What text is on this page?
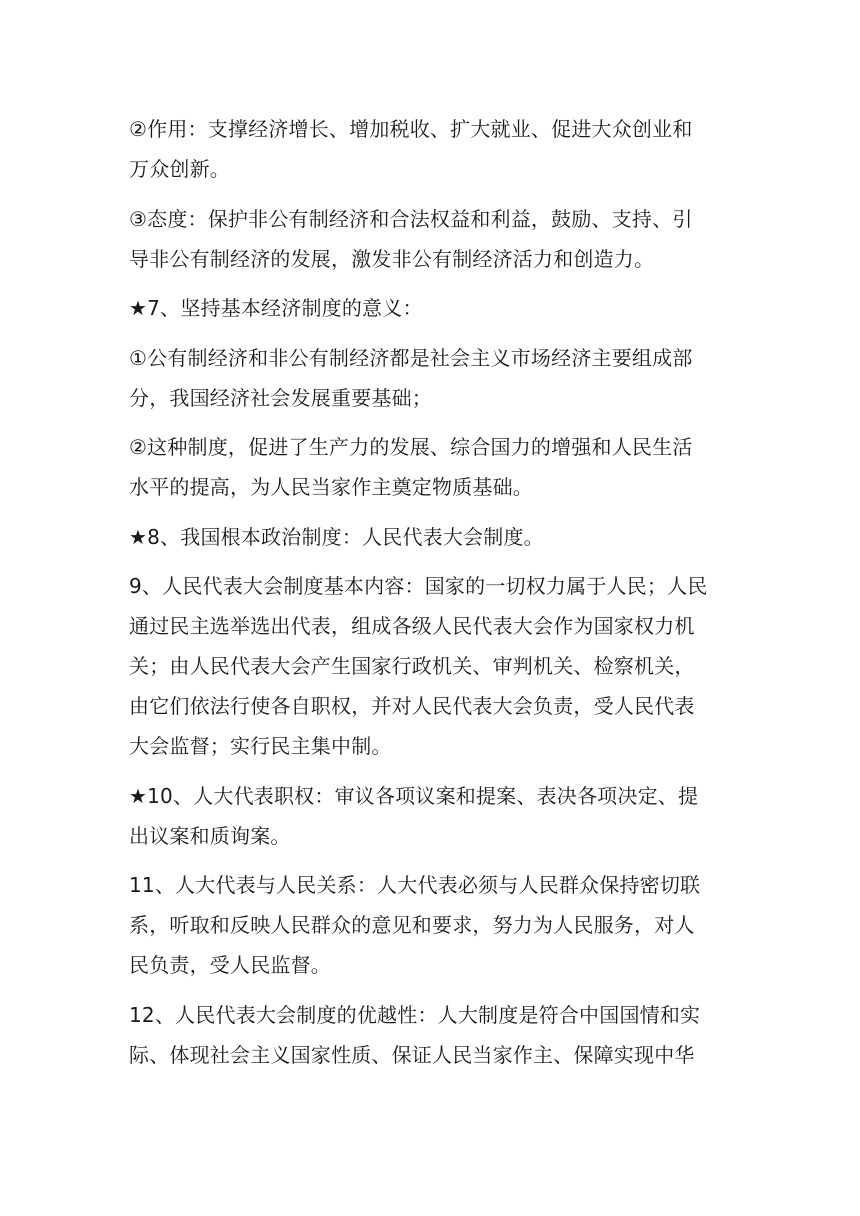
②作用：支撑经济增长、增加税收、扩大就业、促进大众创业和
万众创新。

③态度：保护非公有制经济和合法权益和利益，鼓励、支持、引
导非公有制经济的发展，激发非公有制经济活力和创造力。

★7、坚持基本经济制度的意义：

①公有制经济和非公有制经济都是社会主义市场经济主要组成部
分，我国经济社会发展重要基础；

②这种制度，促进了生产力的发展、综合国力的增强和人民生活
水平的提高，为人民当家作主奠定物质基础。

★8、我国根本政治制度：人民代表大会制度。

9、人民代表大会制度基本内容：国家的一切权力属于人民；人民
通过民主选举选出代表，组成各级人民代表大会作为国家权力机
关；由人民代表大会产生国家行政机关、审判机关、检察机关，
由它们依法行使各自职权，并对人民代表大会负责，受人民代表
大会监督；实行民主集中制。

★10、人大代表职权：审议各项议案和提案、表决各项决定、提
出议案和质询案。

11、人大代表与人民关系：人大代表必须与人民群众保持密切联
系，听取和反映人民群众的意见和要求，努力为人民服务，对人
民负责，受人民监督。

12、人民代表大会制度的优越性：人大制度是符合中国国情和实
际、体现社会主义国家性质、保证人民当家作主、保障实现中华
